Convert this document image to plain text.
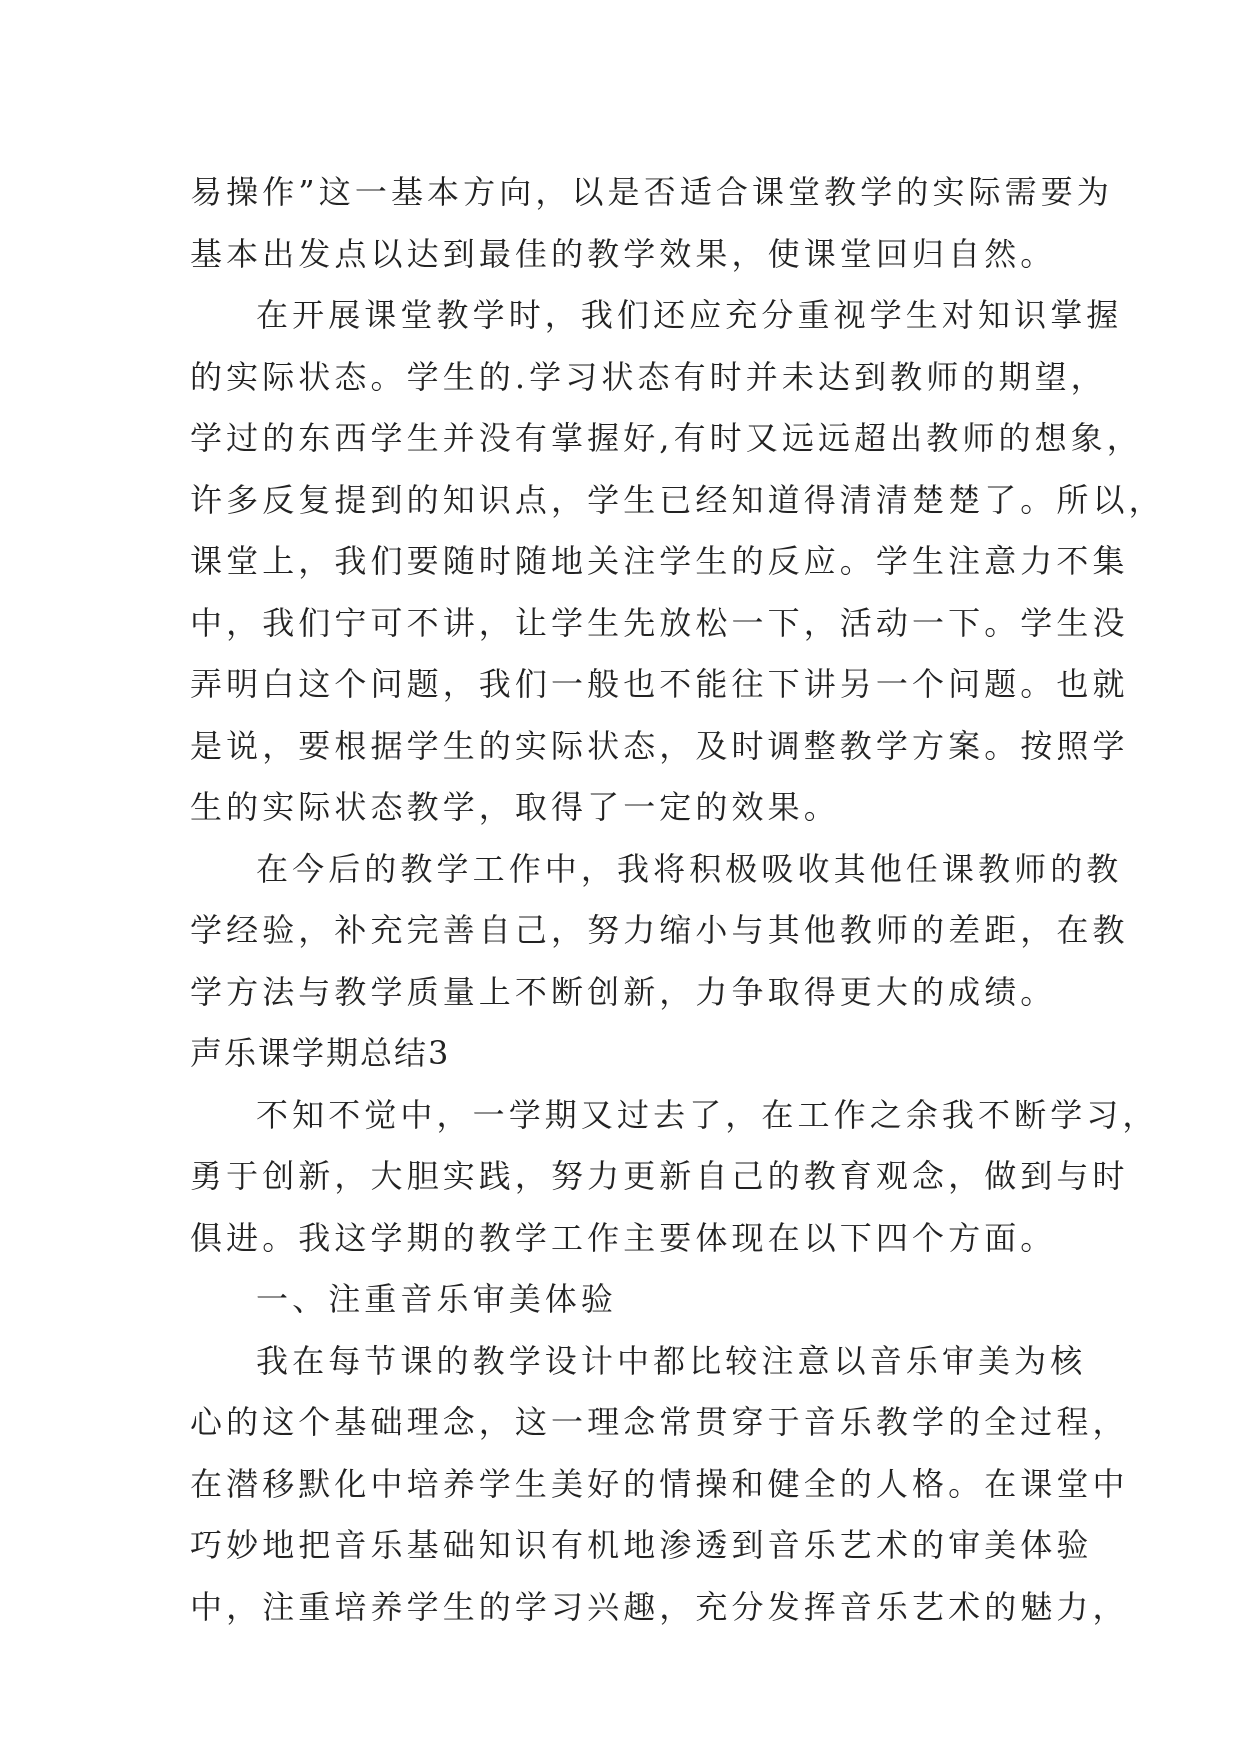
易操作”这一基本方向，以是否适合课堂教学的实际需要为
基本出发点以达到最佳的教学效果，使课堂回归自然。
在开展课堂教学时，我们还应充分重视学生对知识掌握
的实际状态。学生的.学习状态有时并未达到教师的期望，
学过的东西学生并没有掌握好,有时又远远超出教师的想象，
许多反复提到的知识点，学生已经知道得清清楚楚了。所以，
课堂上，我们要随时随地关注学生的反应。学生注意力不集
中，我们宁可不讲，让学生先放松一下，活动一下。学生没
弄明白这个问题，我们一般也不能往下讲另一个问题。也就
是说，要根据学生的实际状态，及时调整教学方案。按照学
生的实际状态教学，取得了一定的效果。
在今后的教学工作中，我将积极吸收其他任课教师的教
学经验，补充完善自己，努力缩小与其他教师的差距，在教
学方法与教学质量上不断创新，力争取得更大的成绩。
声乐课学期总结3
不知不觉中，一学期又过去了，在工作之余我不断学习，
勇于创新，大胆实践，努力更新自己的教育观念，做到与时
俱进。我这学期的教学工作主要体现在以下四个方面。
一、注重音乐审美体验
我在每节课的教学设计中都比较注意以音乐审美为核
心的这个基础理念，这一理念常贯穿于音乐教学的全过程，
在潜移默化中培养学生美好的情操和健全的人格。在课堂中
巧妙地把音乐基础知识有机地渗透到音乐艺术的审美体验
中，注重培养学生的学习兴趣，充分发挥音乐艺术的魅力，
